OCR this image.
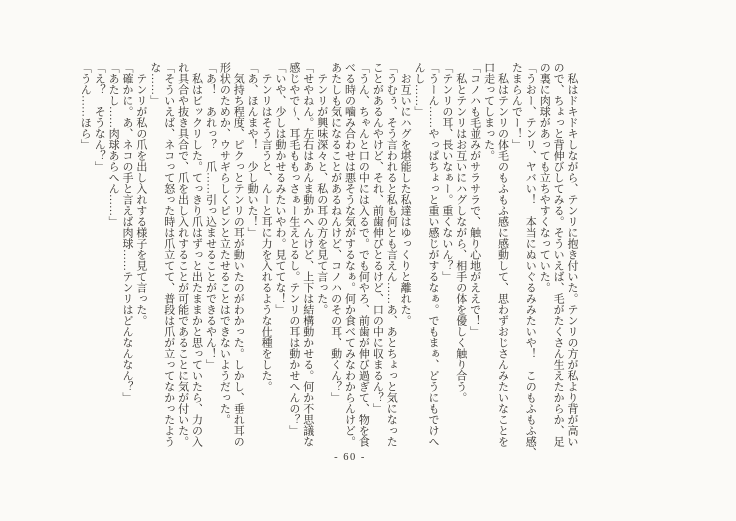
　私はドキドキしながら、テンリに抱き付いた。テンリの方が私より背が高い
ので、ちょっと背伸びしてみる。そういえば、毛がたくさん生えたからか、足
の裏に肉球があっても立ちやすくなっていた。
「うおー、テンリ、ヤバい！　本当にぬいぐるみみたいや！　このもふもふ感、
たまらんでー！」
　私はテンリの体毛のもふもふ感に感動して、思わずおじさんみたいなことを
口走ってしまった。
「コノハも毛並みがサラサラで、触り心地がええで！」
　私とテンリはお互いにハグしながら、相手の体を優しく触り合う。
「テンリの耳、長いなぁー。重くないん？」
「うーん……やっぱちょっと重い感じがするなぁ。でもまぁ、どうにもでけへ
んし……」
　お互いにハグを堪能した私達はゆっくりと離れた。
「うむぅ、そう言われると私も何とも言えん……あ、あとちょっと気になった
ことがあるんやけど、それ、前歯伸びとるけど、口の中に収まるん？」
「うん、ちゃんと口の中には入るで。でも何やろ、前歯が伸び過ぎて、物を食
べる時の噛み合わせは悪そうな気がするなぁ。何か食べてみなわからんけど。
あたしも気になることがあるねんけど、コノハのその耳、動くん？」
　テンリが興味深々と、私の耳の方を見て言った。
「せやねん。左右はあんま動かへんけど、上下は結構動かせる。何か不思議な
感じやで〜、耳毛ももっさぁー生えとるし。テンリの耳は動かせへんの？」
「いや、少しは動かせるみたいやわ。見ててな！」
　テンリはそう言うと、んーと耳に力を入れるような仕種をした。
「あ、ほんまや！　少し動いた！」
　気持ち程度、ピクっとテンリの耳が動いたのがわかった。しかし、垂れ耳の
形状のためか、ウサギらしくピンと立たせることはできないようだった。
「あ！　あれっ？　爪……引っ込ませることができるやん！」
　私はビックリした。てっきり爪はずっと出たままかと思っていたら、力の入
れ具合や抜き具合で、爪を出し入れすることが可能であることに気が付いた。
「そういえば、ネコって怒った時は爪立てて、普段は爪が立ってなかったよう
な……」
　テンリが私の爪を出し入れする様子を見て言った。
「確かに。あ、ネコの手と言えば肉球……テンリはどんなんなん？」
「あたし……肉球あらへん……」
「え？　そうなん？」
「うん……ほら」
- 60 -
